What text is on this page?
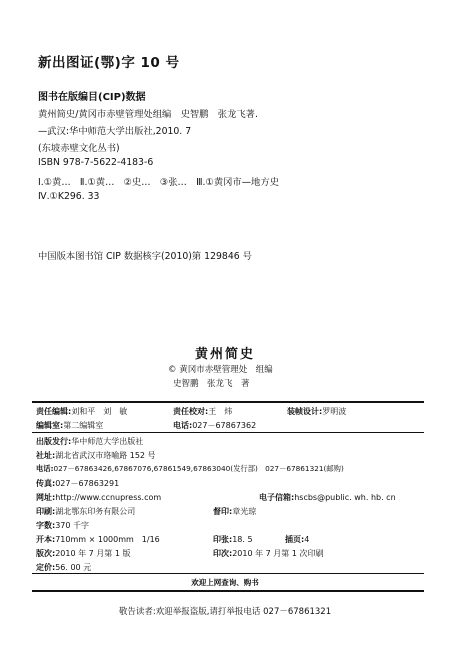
新出图证(鄂)字 10 号
图书在版编目(CIP)数据
黄州简史/黄冈市赤壁管理处组编　史智鹏　张龙飞著.
—武汉:华中师范大学出版社,2010. 7
(东坡赤壁文化丛书)
ISBN 978-7-5622-4183-6
Ⅰ.①黄…　Ⅱ.①黄…　②史…　③张…　Ⅲ.①黄冈市—地方史
Ⅳ.①K296. 33
中国版本图书馆 CIP 数据核字(2010)第 129846 号
黄州简史
© 黄冈市赤壁管理处　组编
史智鹏　张龙飞　著
责任编辑:刘和平　刘　敏	责任校对:王　炜	装帧设计:罗明波
编辑室:第二编辑室	电话:027－67867362
出版发行:华中师范大学出版社
社址:湖北省武汉市珞喻路 152 号
电话:027－67863426,67867076,67861549,67863040(发行部)　027－67861321(邮购)
传真:027－67863291
网址:http://www.ccnupress.com	电子信箱:hscbs@public. wh. hb. cn
印刷:湖北鄂东印务有限公司	督印:章光琼
字数:370 千字
开本:710mm × 1000mm　1/16	印张:18. 5	插页:4
版次:2010 年 7 月第 1 版	印次:2010 年 7 月第 1 次印刷
定价:56. 00 元
欢迎上网查询、购书
敬告读者:欢迎举报盗版,请打举报电话 027－67861321
